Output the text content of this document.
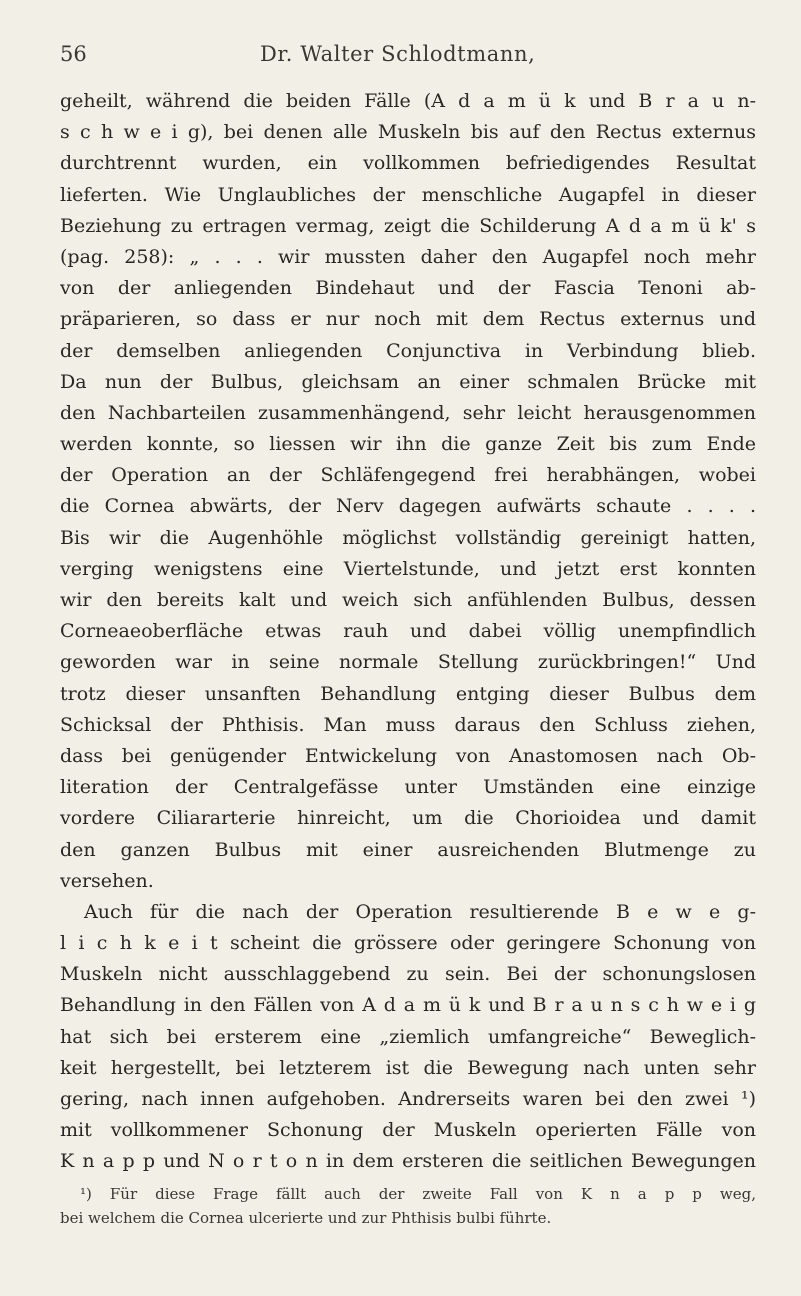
56	Dr. Walter Schlodtmann,
geheilt, während die beiden Fälle (A d a m ü k und B r a u n-
s c h w e i g), bei denen alle Muskeln bis auf den Rectus externus
durchtrennt wurden, ein vollkommen befriedigendes Resultat
lieferten. Wie Unglaubliches der menschliche Augapfel in dieser
Beziehung zu ertragen vermag, zeigt die Schilderung A d a m ü k' s
(pag. 258): „ . . . wir mussten daher den Augapfel noch mehr
von der anliegenden Bindehaut und der Fascia Tenoni ab-
präparieren, so dass er nur noch mit dem Rectus externus und
der demselben anliegenden Conjunctiva in Verbindung blieb.
Da nun der Bulbus, gleichsam an einer schmalen Brücke mit
den Nachbarteilen zusammenhängend, sehr leicht herausgenommen
werden konnte, so liessen wir ihn die ganze Zeit bis zum Ende
der Operation an der Schläfengegend frei herabhängen, wobei
die Cornea abwärts, der Nerv dagegen aufwärts schaute . . . .
Bis wir die Augenhöhle möglichst vollständig gereinigt hatten,
verging wenigstens eine Viertelstunde, und jetzt erst konnten
wir den bereits kalt und weich sich anfühlenden Bulbus, dessen
Corneaeoberfläche etwas rauh und dabei völlig unempfindlich
geworden war in seine normale Stellung zurückbringen!“ Und
trotz dieser unsanften Behandlung entging dieser Bulbus dem
Schicksal der Phthisis. Man muss daraus den Schluss ziehen,
dass bei genügender Entwickelung von Anastomosen nach Ob-
literation der Centralgefässe unter Umständen eine einzige
vordere Ciliararterie hinreicht, um die Chorioidea und damit
den ganzen Bulbus mit einer ausreichenden Blutmenge zu
versehen.
Auch für die nach der Operation resultierende B e w e g-
l i c h k e i t scheint die grössere oder geringere Schonung von
Muskeln nicht ausschlaggebend zu sein. Bei der schonungslosen
Behandlung in den Fällen von A d a m ü k und B r a u n s c h w e i g
hat sich bei ersterem eine „ziemlich umfangreiche“ Beweglich-
keit hergestellt, bei letzterem ist die Bewegung nach unten sehr
gering, nach innen aufgehoben. Andrerseits waren bei den zwei ¹)
mit vollkommener Schonung der Muskeln operierten Fälle von
K n a p p und N o r t o n in dem ersteren die seitlichen Bewegungen
¹) Für diese Frage fällt auch der zweite Fall von K n a p p weg,
bei welchem die Cornea ulcerierte und zur Phthisis bulbi führte.
